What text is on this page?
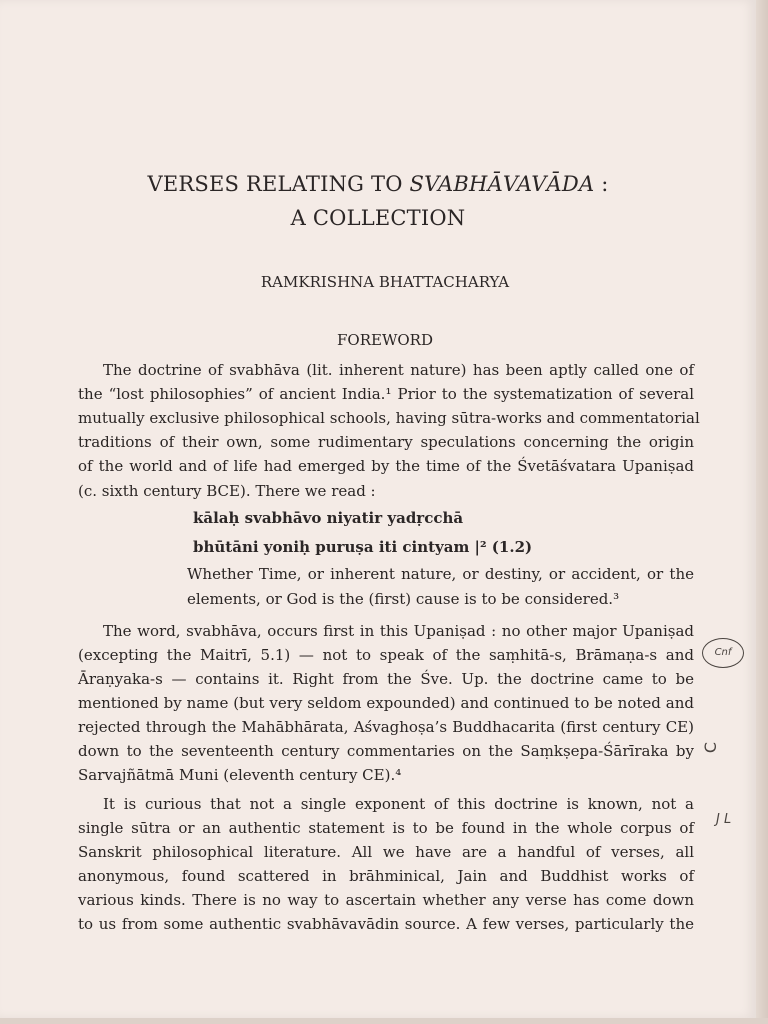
VERSES RELATING TO SVABHĀVAVĀDA :
A COLLECTION
RAMKRISHNA BHATTACHARYA
FOREWORD
The doctrine of svabhāva (lit. inherent nature) has been aptly called one of
the “lost philosophies” of ancient India.¹ Prior to the systematization of several
mutually exclusive philosophical schools, having sūtra-works and commentatorial
traditions of their own, some rudimentary speculations concerning the origin
of the world and of life had emerged by the time of the Śvetāśvatara Upaniṣad
(c. sixth century BCE). There we read :
kālaḥ svabhāvo niyatir yadṛcchā
bhūtāni yoniḥ puruṣa iti cintyam |² (1.2)
Whether Time, or inherent nature, or destiny, or accident, or the
elements, or God is the (first) cause is to be considered.³
The word, svabhāva, occurs first in this Upaniṣad : no other major Upaniṣad
(excepting the Maitrī, 5.1) — not to speak of the saṃhitā-s, Brāmaṇa-s and
Āraṇyaka-s — contains it. Right from the Śve. Up. the doctrine came to be
mentioned by name (but very seldom expounded) and continued to be noted and
rejected through the Mahābhārata, Aśvaghoṣa’s Buddhacarita (first century CE)
down to the seventeenth century commentaries on the Saṃkṣepa-Śārīraka by
Sarvajñātmā Muni (eleventh century CE).⁴
It is curious that not a single exponent of this doctrine is known, not a
single sūtra or an authentic statement is to be found in the whole corpus of
Sanskrit philosophical literature. All we have are a handful of verses, all
anonymous, found scattered in brāhminical, Jain and Buddhist works of
various kinds. There is no way to ascertain whether any verse has come down
to us from some authentic svabhāvavādin source. A few verses, particularly the
Cnf
C
J L
